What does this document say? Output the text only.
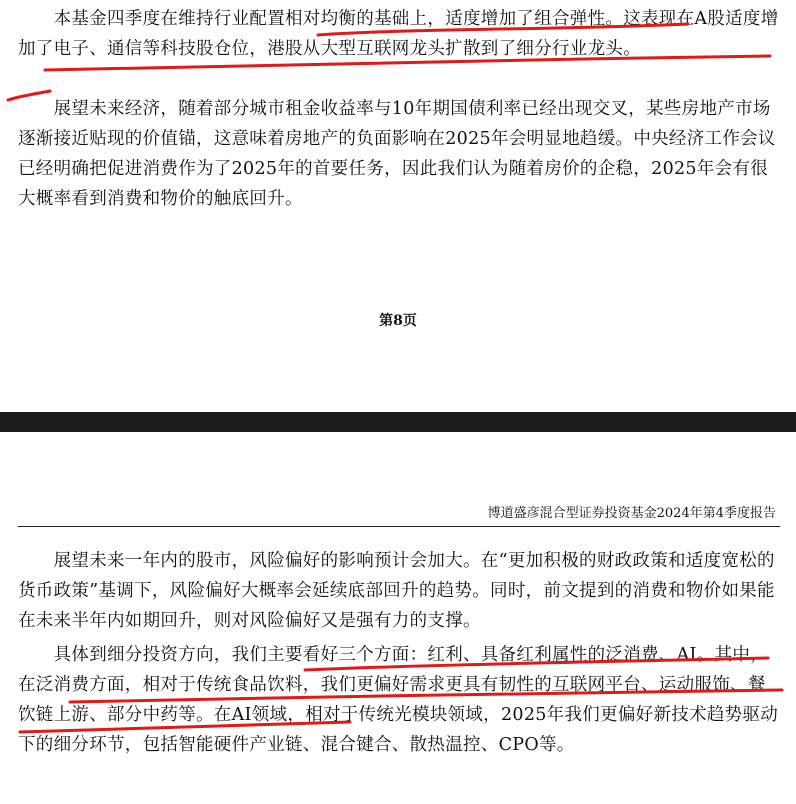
　　本基金四季度在维持行业配置相对均衡的基础上，适度增加了组合弹性。这表现在A股适度增加了电子、通信等科技股仓位，港股从大型互联网龙头扩散到了细分行业龙头。

　　展望未来经济，随着部分城市租金收益率与10年期国债利率已经出现交叉，某些房地产市场逐渐接近贴现的价值锚，这意味着房地产的负面影响在2025年会明显地趋缓。中央经济工作会议已经明确把促进消费作为了2025年的首要任务，因此我们认为随着房价的企稳，2025年会有很大概率看到消费和物价的触底回升。

第8页

博道盛彦混合型证券投资基金2024年第4季度报告

　　展望未来一年内的股市，风险偏好的影响预计会加大。在“更加积极的财政政策和适度宽松的货币政策”基调下，风险偏好大概率会延续底部回升的趋势。同时，前文提到的消费和物价如果能在未来半年内如期回升，则对风险偏好又是强有力的支撑。

　　具体到细分投资方向，我们主要看好三个方面：红利、具备红利属性的泛消费、AI。其中，在泛消费方面，相对于传统食品饮料，我们更偏好需求更具有韧性的互联网平台、运动服饰、餐饮链上游、部分中药等。在AI领域，相对于传统光模块领域，2025年我们更偏好新技术趋势驱动下的细分环节，包括智能硬件产业链、混合键合、散热温控、CPO等。
